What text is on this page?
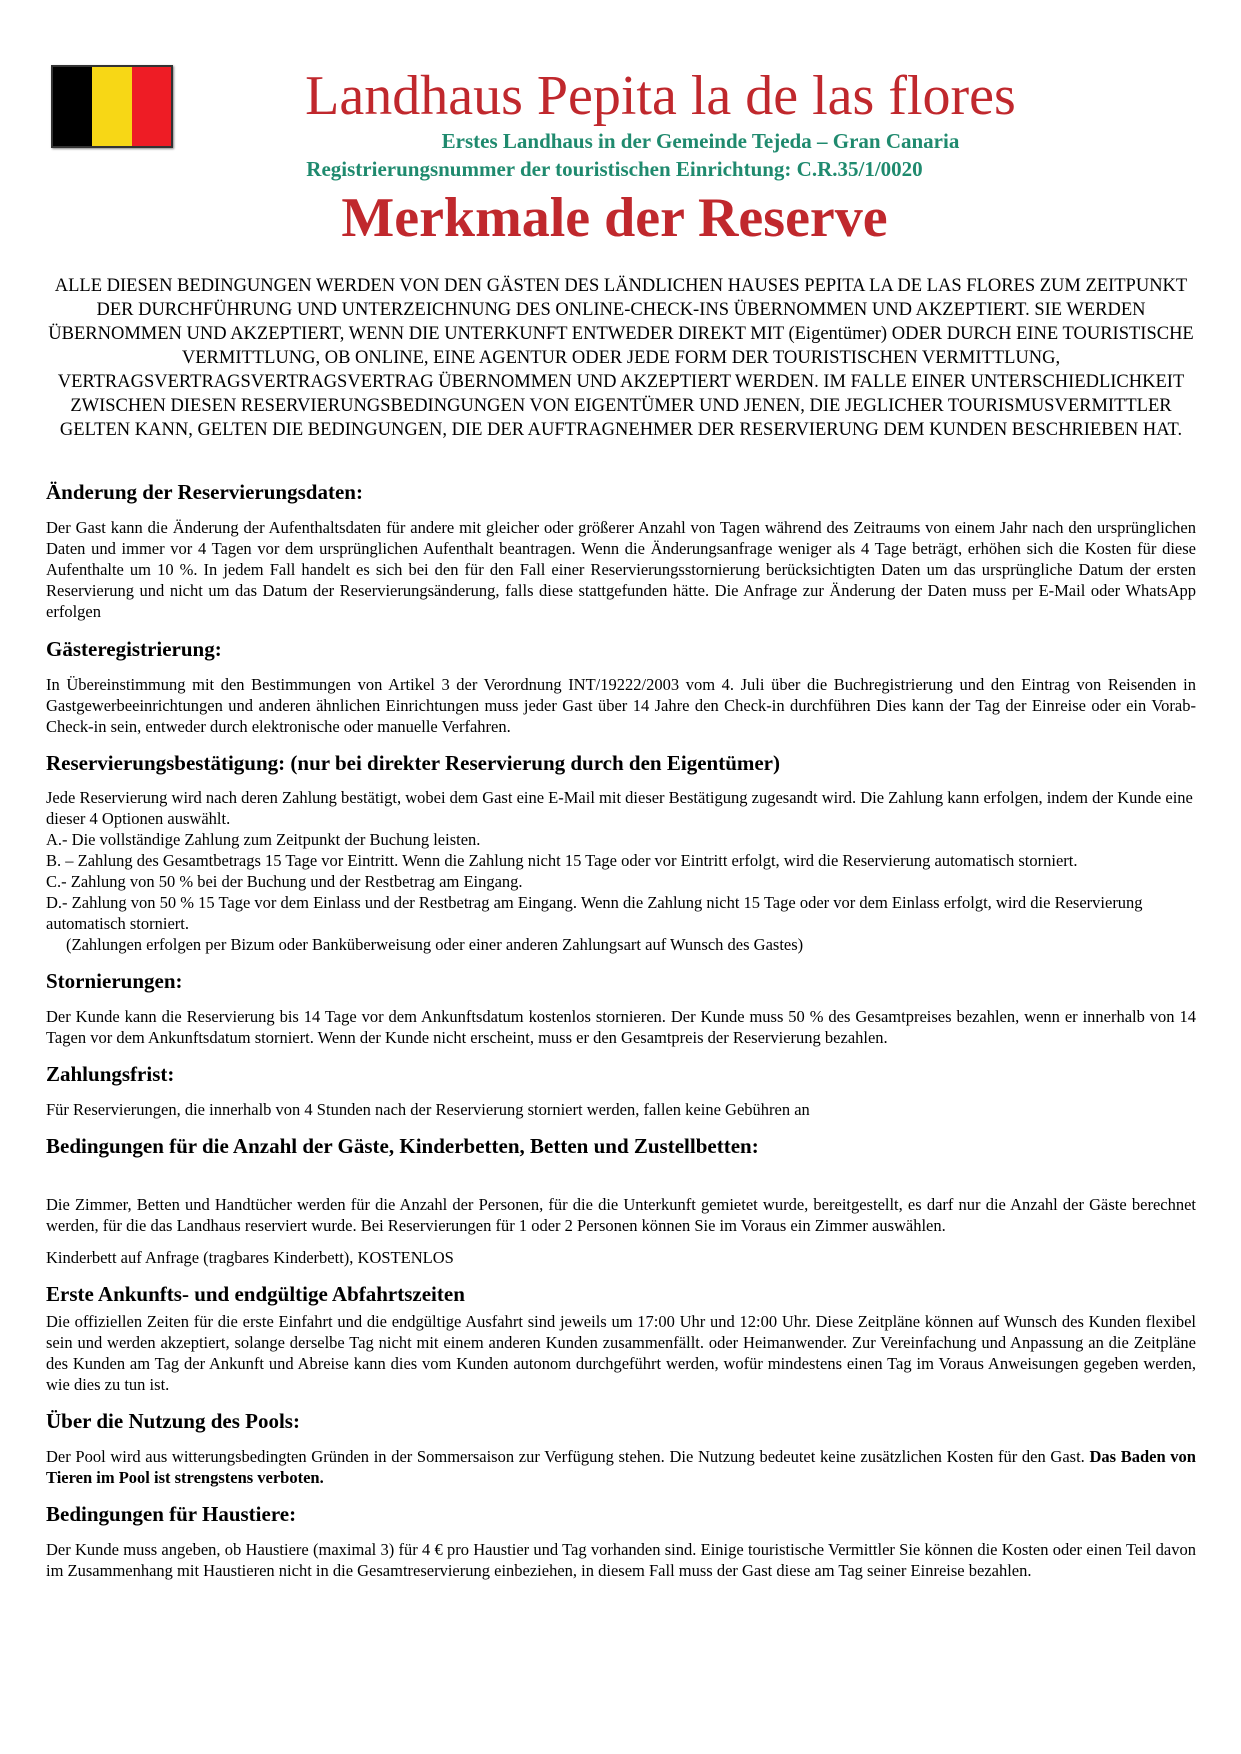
Landhaus Pepita la de las flores
Erstes Landhaus in der Gemeinde Tejeda – Gran Canaria
Registrierungsnummer der touristischen Einrichtung: C.R.35/1/0020
Merkmale der Reserve
ALLE DIESEN BEDINGUNGEN WERDEN VON DEN GÄSTEN DES LÄNDLICHEN HAUSES PEPITA LA DE LAS FLORES ZUM ZEITPUNKT DER DURCHFÜHRUNG UND UNTERZEICHNUNG DES ONLINE-CHECK-INS ÜBERNOMMEN UND AKZEPTIERT. SIE WERDEN ÜBERNOMMEN UND AKZEPTIERT, WENN DIE UNTERKUNFT ENTWEDER DIREKT MIT (Eigentümer) ODER DURCH EINE TOURISTISCHE VERMITTLUNG, OB ONLINE, EINE AGENTUR ODER JEDE FORM DER TOURISTISCHEN VERMITTLUNG, VERTRAGSVERTRAGSVERTRAGSVERTRAG ÜBERNOMMEN UND AKZEPTIERT WERDEN. IM FALLE EINER UNTERSCHIEDLICHKEIT ZWISCHEN DIESEN RESERVIERUNGSBEDINGUNGEN VON EIGENTÜMER UND JENEN, DIE JEGLICHER TOURISMUSVERMITTLER GELTEN KANN, GELTEN DIE BEDINGUNGEN, DIE DER AUFTRAGNEHMER DER RESERVIERUNG DEM KUNDEN BESCHRIEBEN HAT.
Änderung der Reservierungsdaten:

Der Gast kann die Änderung der Aufenthaltsdaten für andere mit gleicher oder größerer Anzahl von Tagen während des Zeitraums von einem Jahr nach den ursprünglichen Daten und immer vor 4 Tagen vor dem ursprünglichen Aufenthalt beantragen. Wenn die Änderungsanfrage weniger als 4 Tage beträgt, erhöhen sich die Kosten für diese Aufenthalte um 10 %. In jedem Fall handelt es sich bei den für den Fall einer Reservierungsstornierung berücksichtigten Daten um das ursprüngliche Datum der ersten Reservierung und nicht um das Datum der Reservierungsänderung, falls diese stattgefunden hätte. Die Anfrage zur Änderung der Daten muss per E-Mail oder WhatsApp erfolgen

Gästeregistrierung:

In Übereinstimmung mit den Bestimmungen von Artikel 3 der Verordnung INT/19222/2003 vom 4. Juli über die Buchregistrierung und den Eintrag von Reisenden in Gastgewerbeeinrichtungen und anderen ähnlichen Einrichtungen muss jeder Gast über 14 Jahre den Check-in durchführen Dies kann der Tag der Einreise oder ein Vorab-Check-in sein, entweder durch elektronische oder manuelle Verfahren.

Reservierungsbestätigung: (nur bei direkter Reservierung durch den Eigentümer)

Jede Reservierung wird nach deren Zahlung bestätigt, wobei dem Gast eine E-Mail mit dieser Bestätigung zugesandt wird. Die Zahlung kann erfolgen, indem der Kunde eine dieser 4 Optionen auswählt.

A.- Die vollständige Zahlung zum Zeitpunkt der Buchung leisten.

B. – Zahlung des Gesamtbetrags 15 Tage vor Eintritt. Wenn die Zahlung nicht 15 Tage oder vor Eintritt erfolgt, wird die Reservierung automatisch storniert.

C.- Zahlung von 50 % bei der Buchung und der Restbetrag am Eingang.

D.- Zahlung von 50 % 15 Tage vor dem Einlass und der Restbetrag am Eingang. Wenn die Zahlung nicht 15 Tage oder vor dem Einlass erfolgt, wird die Reservierung automatisch storniert.

(Zahlungen erfolgen per Bizum oder Banküberweisung oder einer anderen Zahlungsart auf Wunsch des Gastes)

Stornierungen:

Der Kunde kann die Reservierung bis 14 Tage vor dem Ankunftsdatum kostenlos stornieren. Der Kunde muss 50 % des Gesamtpreises bezahlen, wenn er innerhalb von 14 Tagen vor dem Ankunftsdatum storniert. Wenn der Kunde nicht erscheint, muss er den Gesamtpreis der Reservierung bezahlen.

Zahlungsfrist:

Für Reservierungen, die innerhalb von 4 Stunden nach der Reservierung storniert werden, fallen keine Gebühren an

Bedingungen für die Anzahl der Gäste, Kinderbetten, Betten und Zustellbetten:

Die Zimmer, Betten und Handtücher werden für die Anzahl der Personen, für die die Unterkunft gemietet wurde, bereitgestellt, es darf nur die Anzahl der Gäste berechnet werden, für die das Landhaus reserviert wurde. Bei Reservierungen für 1 oder 2 Personen können Sie im Voraus ein Zimmer auswählen.

Kinderbett auf Anfrage (tragbares Kinderbett), KOSTENLOS

Erste Ankunfts- und endgültige Abfahrtszeiten

Die offiziellen Zeiten für die erste Einfahrt und die endgültige Ausfahrt sind jeweils um 17:00 Uhr und 12:00 Uhr. Diese Zeitpläne können auf Wunsch des Kunden flexibel sein und werden akzeptiert, solange derselbe Tag nicht mit einem anderen Kunden zusammenfällt. oder Heimanwender. Zur Vereinfachung und Anpassung an die Zeitpläne des Kunden am Tag der Ankunft und Abreise kann dies vom Kunden autonom durchgeführt werden, wofür mindestens einen Tag im Voraus Anweisungen gegeben werden, wie dies zu tun ist.

Über die Nutzung des Pools:

Der Pool wird aus witterungsbedingten Gründen in der Sommersaison zur Verfügung stehen. Die Nutzung bedeutet keine zusätzlichen Kosten für den Gast. Das Baden von Tieren im Pool ist strengstens verboten.

Bedingungen für Haustiere:

Der Kunde muss angeben, ob Haustiere (maximal 3) für 4 € pro Haustier und Tag vorhanden sind. Einige touristische Vermittler Sie können die Kosten oder einen Teil davon im Zusammenhang mit Haustieren nicht in die Gesamtreservierung einbeziehen, in diesem Fall muss der Gast diese am Tag seiner Einreise bezahlen.
